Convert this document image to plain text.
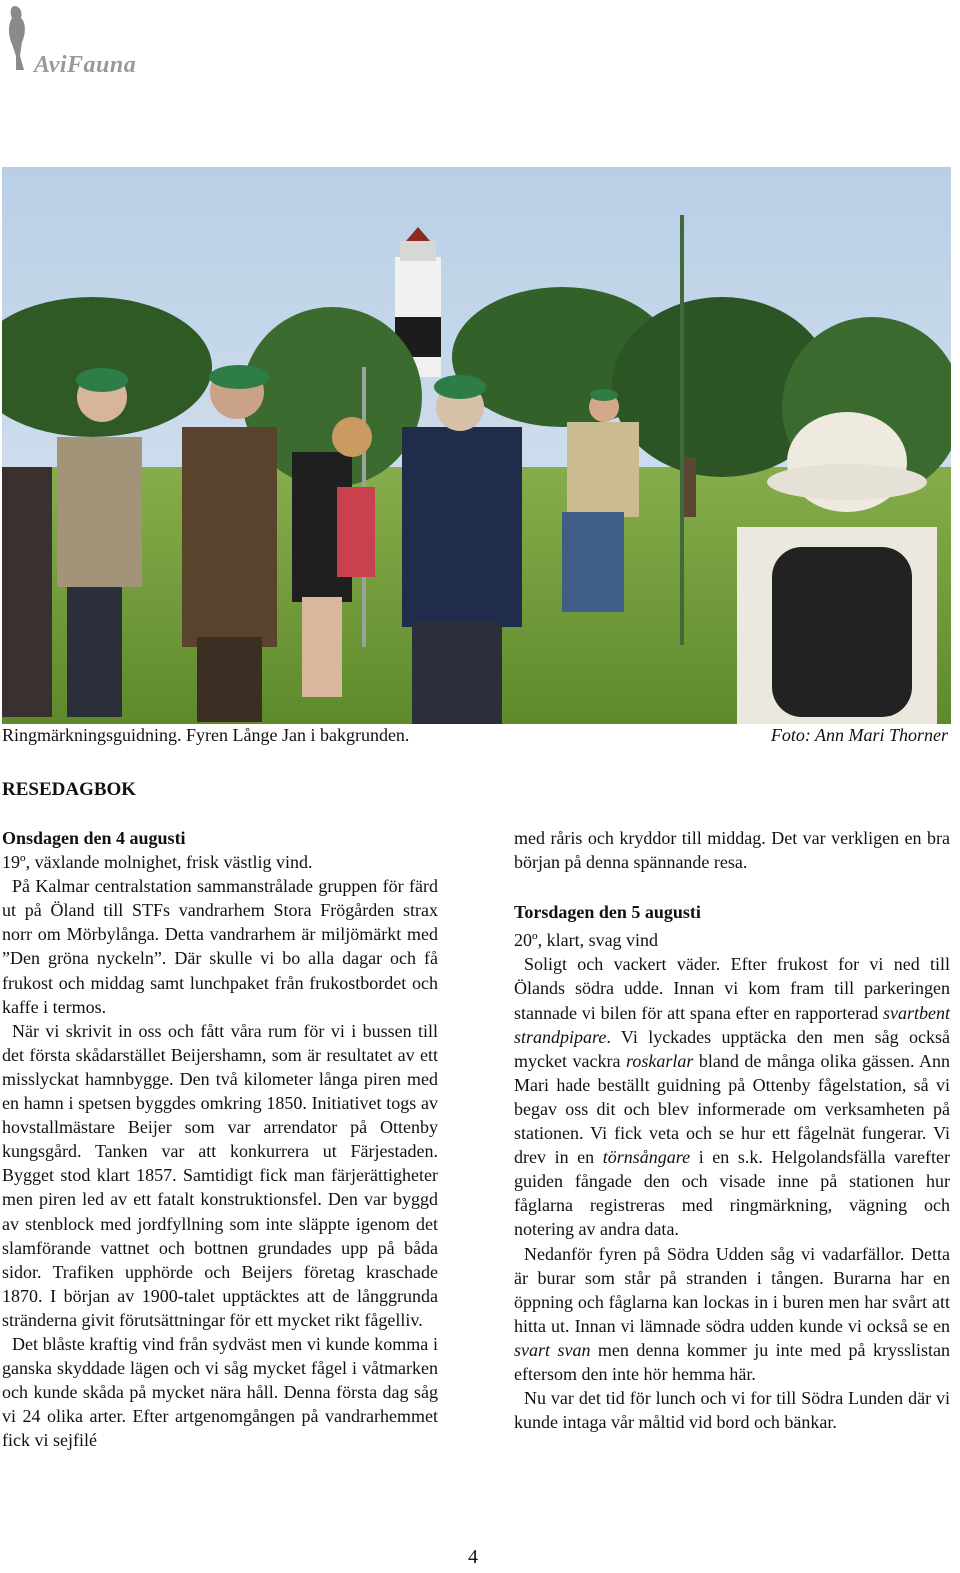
AviFauna
Ringmärkningsguidning. Fyren Långe Jan i bakgrunden.	Foto: Ann Mari Thorner
RESEDAGBOK
Onsdagen den 4 augusti

19º, växlande molnighet, frisk västlig vind.

På Kalmar centralstation sammanstrålade gruppen för färd ut på Öland till STFs vandrarhem Stora Frögården strax norr om Mörbylånga. Detta vandrarhem är miljömärkt med ”Den gröna nyckeln”. Där skulle vi bo alla dagar och få frukost och middag samt lunchpaket från frukostbordet och kaffe i termos.

När vi skrivit in oss och fått våra rum för vi i bussen till det första skådarstället Beijershamn, som är resultatet av ett misslyckat hamnbygge. Den två kilometer långa piren med en hamn i spetsen byggdes omkring 1850. Initiativet togs av hovstallmästare Beijer som var arrendator på Ottenby kungsgård. Tanken var att konkurrera ut Färjestaden. Bygget stod klart 1857. Samtidigt fick man färjerättigheter men piren led av ett fatalt konstruktionsfel. Den var byggd av stenblock med jordfyllning som inte släppte igenom det slamförande vattnet och bottnen grundades upp på båda sidor. Trafiken upphörde och Beijers företag kraschade 1870. I början av 1900-talet upptäcktes att de långgrunda stränderna givit förutsättningar för ett mycket rikt fågelliv.

Det blåste kraftig vind från sydväst men vi kunde komma i ganska skyddade lägen och vi såg mycket fågel i våtmarken och kunde skåda på mycket nära håll. Denna första dag såg vi 24 olika arter. Efter artgenomgången på vandrarhemmet fick vi sejfilé

med råris och kryddor till middag. Det var verkligen en bra början på denna spännande resa.

Torsdagen den 5 augusti

20º, klart, svag vind

Soligt och vackert väder. Efter frukost for vi ned till Ölands södra udde. Innan vi kom fram till parkeringen stannade vi bilen för att spana efter en rapporterad svartbent strandpipare. Vi lyckades upptäcka den men såg också mycket vackra roskarlar bland de många olika gässen. Ann Mari hade beställt guidning på Ottenby fågelstation, så vi begav oss dit och blev informerade om verksamheten på stationen. Vi fick veta och se hur ett fågelnät fungerar. Vi drev in en törnsångare i en s.k. Helgolandsfälla varefter guiden fångade den och visade inne på stationen hur fåglarna registreras med ringmärkning, vägning och notering av andra data.

Nedanför fyren på Södra Udden såg vi vadarfällor. Detta är burar som står på stranden i tången. Burarna har en öppning och fåglarna kan lockas in i buren men har svårt att hitta ut. Innan vi lämnade södra udden kunde vi också se en svart svan men denna kommer ju inte med på krysslistan eftersom den inte hör hemma här.

Nu var det tid för lunch och vi for till Södra Lunden där vi kunde intaga vår måltid vid bord och bänkar.

4
